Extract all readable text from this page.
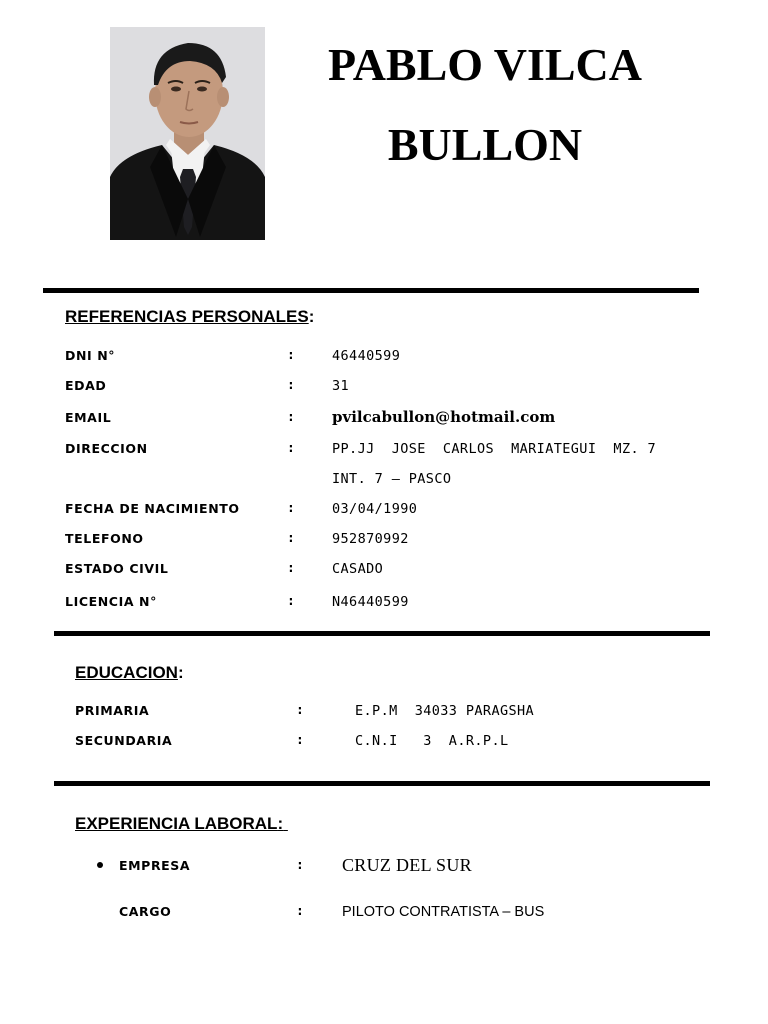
PABLO VILCA
BULLON
REFERENCIAS PERSONALES:
DNI N°	:	46440599
EDAD	:	31
EMAIL	: pvilcabullon@hotmail.com
DIRECCION	:	PP.JJ  JOSE  CARLOS  MARIATEGUI  MZ. 7
INT. 7 – PASCO
FECHA DE NACIMIENTO	:	03/04/1990
TELEFONO	:	952870992
ESTADO CIVIL	:	CASADO
LICENCIA N°	:	N46440599
EDUCACION:
PRIMARIA	:	E.P.M  34033 PARAGSHA
SECUNDARIA	:	C.N.I   3  A.R.P.L
EXPERIENCIA LABORAL:
EMPRESA	: CRUZ DEL SUR
CARGO	:	PILOTO CONTRATISTA – BUS
